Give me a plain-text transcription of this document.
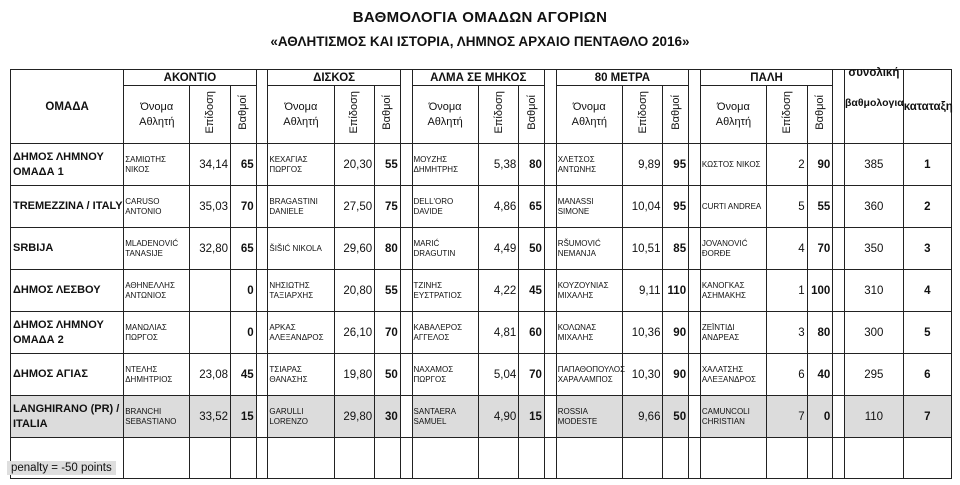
ΒΑΘΜΟΛΟΓΙΑ ΟΜΑΔΩΝ ΑΓΟΡΙΩΝ
«ΑΘΛΗΤΙΣΜΟΣ ΚΑΙ ΙΣΤΟΡΙΑ, ΛΗΜΝΟΣ ΑΡΧΑΙΟ ΠΕΝΤΑΘΛΟ 2016»
ΟΜΑΔΑ	ΑΚΟΝΤΙΟ				ΔΙΣΚΟΣ				ΑΛΜΑ ΣΕ ΜΗΚΟΣ				80 ΜΕΤΡΑ				ΠΑΛΗ				συνολική
βαθμολογια	καταταξη
	Όνομα Αθλητή	Επίδοση	Βαθμοί		Όνομα Αθλητή	Επίδοση	Βαθμοί		Όνομα Αθλητή	Επίδοση	Βαθμοί		Όνομα Αθλητή	Επίδοση	Βαθμοί		Όνομα Αθλητή	Επίδοση	Βαθμοί			
ΔΗΜΟΣ ΛΗΜΝΟΥ ΟΜΑΔΑ 1	ΣΑΜΙΩΤΗΣ ΝΙΚΟΣ	34,14	65		ΚΕΧΑΓΙΑΣ ΠΩΡΓΟΣ	20,30	55		ΜΟΥΖΗΣ ΔΗΜΗΤΡΗΣ	5,38	80		ΧΛΕΤΣΟΣ ΑΝΤΩΝΗΣ	9,89	95		ΚΩΣΤΟΣ ΝΙΚΟΣ	2	90		385	1
TREMEZZINA / ITALY	CARUSO ANTONIO	35,03	70		BRAGASTINI DANIELE	27,50	75		DELL'ORO DAVIDE	4,86	65		MANASSI SIMONE	10,04	95		CURTI ANDREA	5	55		360	2
SRBIJA	MLADENOVIĆ TANASIJE	32,80	65		ŠIŠIĆ NIKOLA	29,60	80		MARIĆ DRAGUTIN	4,49	50		RŠUMOVIĆ NEMANJA	10,51	85		JOVANOVIĆ ĐORĐE	4	70		350	3
ΔΗΜΟΣ ΛΕΣΒΟΥ	ΑΘΗΝΕΛΛΗΣ ΑΝΤΩΝΙΟΣ		0		ΝΗΣΙΩΤΗΣ ΤΑΞΙΑΡΧΗΣ	20,80	55		ΤΖΙΝΗΣ ΕΥΣΤΡΑΤΙΟΣ	4,22	45		ΚΟΥΖΟΥΝΙΑΣ ΜΙΧΑΛΗΣ	9,11	110		ΚΑΝΟΓΚΑΣ ΑΣΗΜΑΚΗΣ	1	100		310	4
ΔΗΜΟΣ ΛΗΜΝΟΥ ΟΜΑΔΑ 2	ΜΑΝΩΛΙΑΣ ΠΩΡΓΟΣ		0		ΑΡΚΑΣ ΑΛΕΞΑΝΔΡΟΣ	26,10	70		ΚΑΒΑΛΕΡΟΣ ΑΓΓΕΛΟΣ	4,81	60		ΚΟΛΩΝΑΣ ΜΙΧΑΛΗΣ	10,36	90		ΖΕΪΝΤΙΔΙ ΑΝΔΡΕΑΣ	3	80		300	5
ΔΗΜΟΣ ΑΓΙΑΣ	ΝΤΕΛΗΣ ΔΗΜΗΤΡΙΟΣ	23,08	45		ΤΣΙΑΡΑΣ ΘΑΝΑΣΗΣ	19,80	50		ΝΑΧΑΜΟΣ ΠΩΡΓΟΣ	5,04	70		ΠΑΠΑΘΟΠΟΥΛΟΣ ΧΑΡΑΛΑΜΠΟΣ	10,30	90		ΧΑΛΑΤΣΗΣ ΑΛΕΞΑΝΔΡΟΣ	6	40		295	6
LANGHIRANO (PR) / ITALIA	BRANCHI SEBASTIANO	33,52	15		GARULLI LORENZO	29,80	30		SANTAERA SAMUEL	4,90	15		ROSSIA MODESTE	9,66	50		CAMUNCOLI CHRISTIAN	7	0		110	7

penalty = -50 points
